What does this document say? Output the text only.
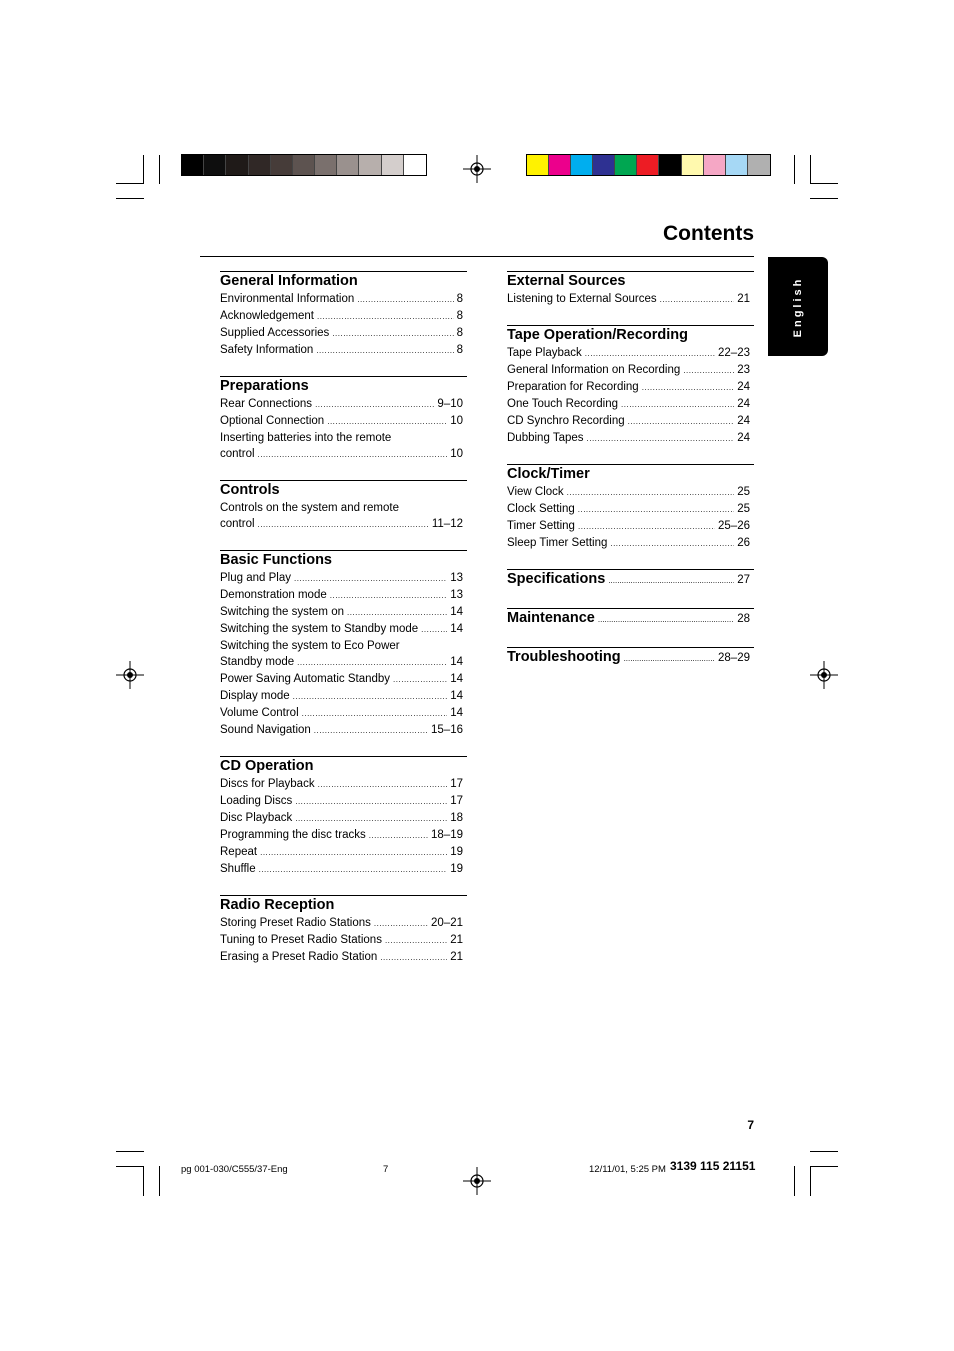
Contents
English
General Information
Environmental Information .....	8
Acknowledgement .....	8
Supplied Accessories .....	8
Safety Information .....	8
Preparations
Rear Connections .....	9–10
Optional Connection .....	10
Inserting batteries into the remote
control .....	10
Controls
Controls on the system and remote
control .....	11–12
Basic Functions
Plug and Play .....	13
Demonstration mode .....	13
Switching the system on .....	14
Switching the system to Standby mode .....	14
Switching the system to Eco Power
Standby mode .....	14
Power Saving Automatic Standby .....	14
Display mode .....	14
Volume Control .....	14
Sound Navigation .....	15–16
CD Operation
Discs for Playback .....	17
Loading Discs .....	17
Disc Playback .....	18
Programming the disc tracks .....	18–19
Repeat .....	19
Shuffle .....	19
Radio Reception
Storing Preset Radio Stations .....	20–21
Tuning to Preset Radio Stations .....	21
Erasing a Preset Radio Station .....	21
External Sources
Listening to External Sources .....	21
Tape Operation/Recording
Tape Playback .....	22–23
General Information on Recording .....	23
Preparation for Recording .....	24
One Touch Recording .....	24
CD Synchro Recording .....	24
Dubbing Tapes .....	24
Clock/Timer
View Clock .....	25
Clock Setting .....	25
Timer Setting .....	25–26
Sleep Timer Setting .....	26
Specifications .....	27
Maintenance .....	28
Troubleshooting .....	28–29
7
pg 001-030/C555/37-Eng	7	12/11/01, 5:25 PM 3139 115 21151
